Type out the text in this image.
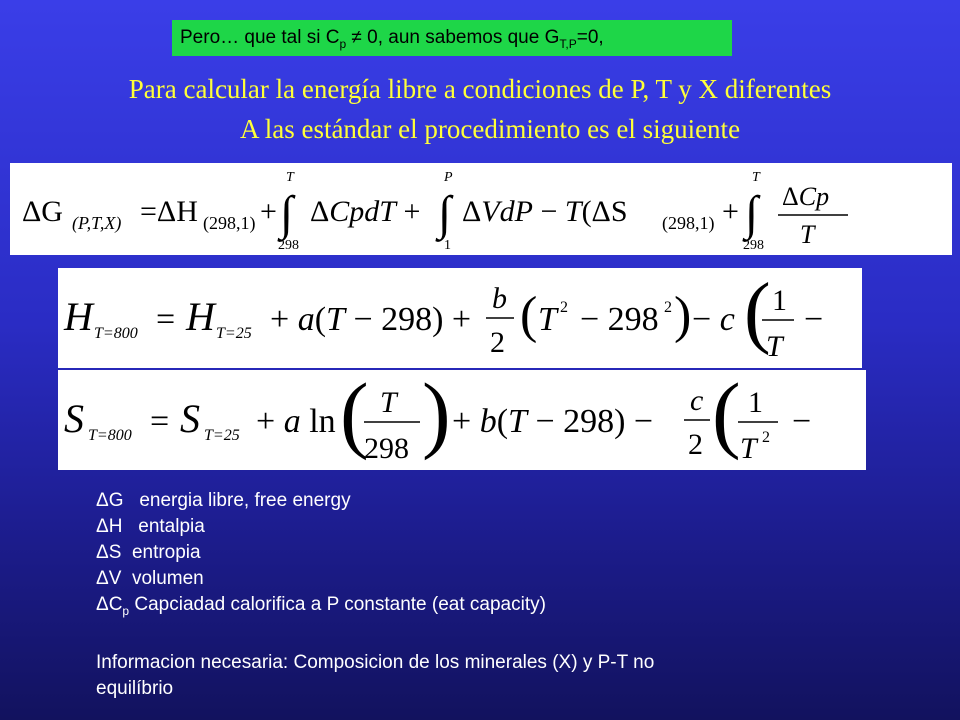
Pero… que tal si $C_p \ne 0$, aun sabemos que $G_{T,P}=0$,
Para calcular la energía libre a condiciones de P, T y X diferentes
A las estándar el procedimiento es el siguiente
ΔG (P,T,X) =ΔH (298,1) + ∫
T
298
ΔCpdT + ∫
P
1
ΔVdP − T(ΔS (298,1) + ∫
T
298
ΔCp
T
H T=800 = H T=25 + a(T − 298) +
b
2 ( T 2 − 298 2 ) − c ( 1
T
−
S T=800 = S T=25 + a ln ( T
298 ) + b(T − 298) −
c
2 ( 1
T 2 −
ΔG energia libre, free energy
ΔH entalpia
ΔS entropia
ΔV volumen
$\Delta C_p$ Capciadad calorifica a P constante (eat capacity)
Informacion necesaria: Composicion de los minerales (X) y P-T no
equilíbrio
